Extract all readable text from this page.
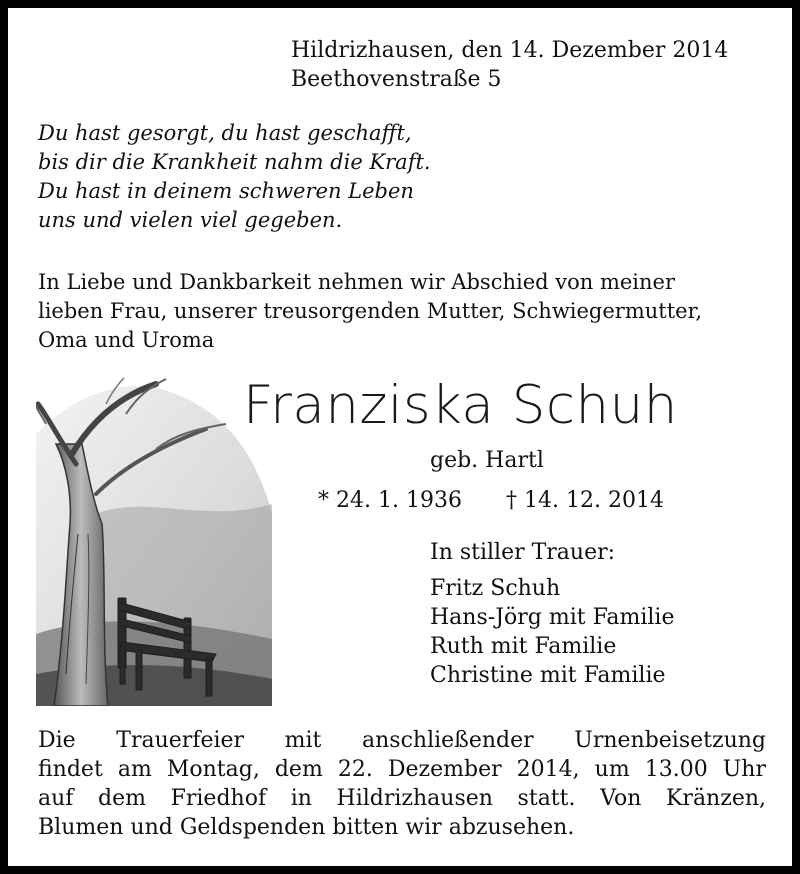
Hildrizhausen, den 14. Dezember 2014
Beethovenstraße 5
Du hast gesorgt, du hast geschafft,
bis dir die Krankheit nahm die Kraft.
Du hast in deinem schweren Leben
uns und vielen viel gegeben.
In Liebe und Dankbarkeit nehmen wir Abschied von meiner
lieben Frau, unserer treusorgenden Mutter, Schwiegermutter,
Oma und Uroma
Franziska Schuh
geb. Hartl
* 24. 1. 1936 † 14. 12. 2014
In stiller Trauer:
Fritz Schuh
Hans-Jörg mit Familie
Ruth mit Familie
Christine mit Familie
Die Trauerfeier mit anschließender Urnenbeisetzung
findet am Montag, dem 22. Dezember 2014, um 13.00 Uhr
auf dem Friedhof in Hildrizhausen statt. Von Kränzen,
Blumen und Geldspenden bitten wir abzusehen.
